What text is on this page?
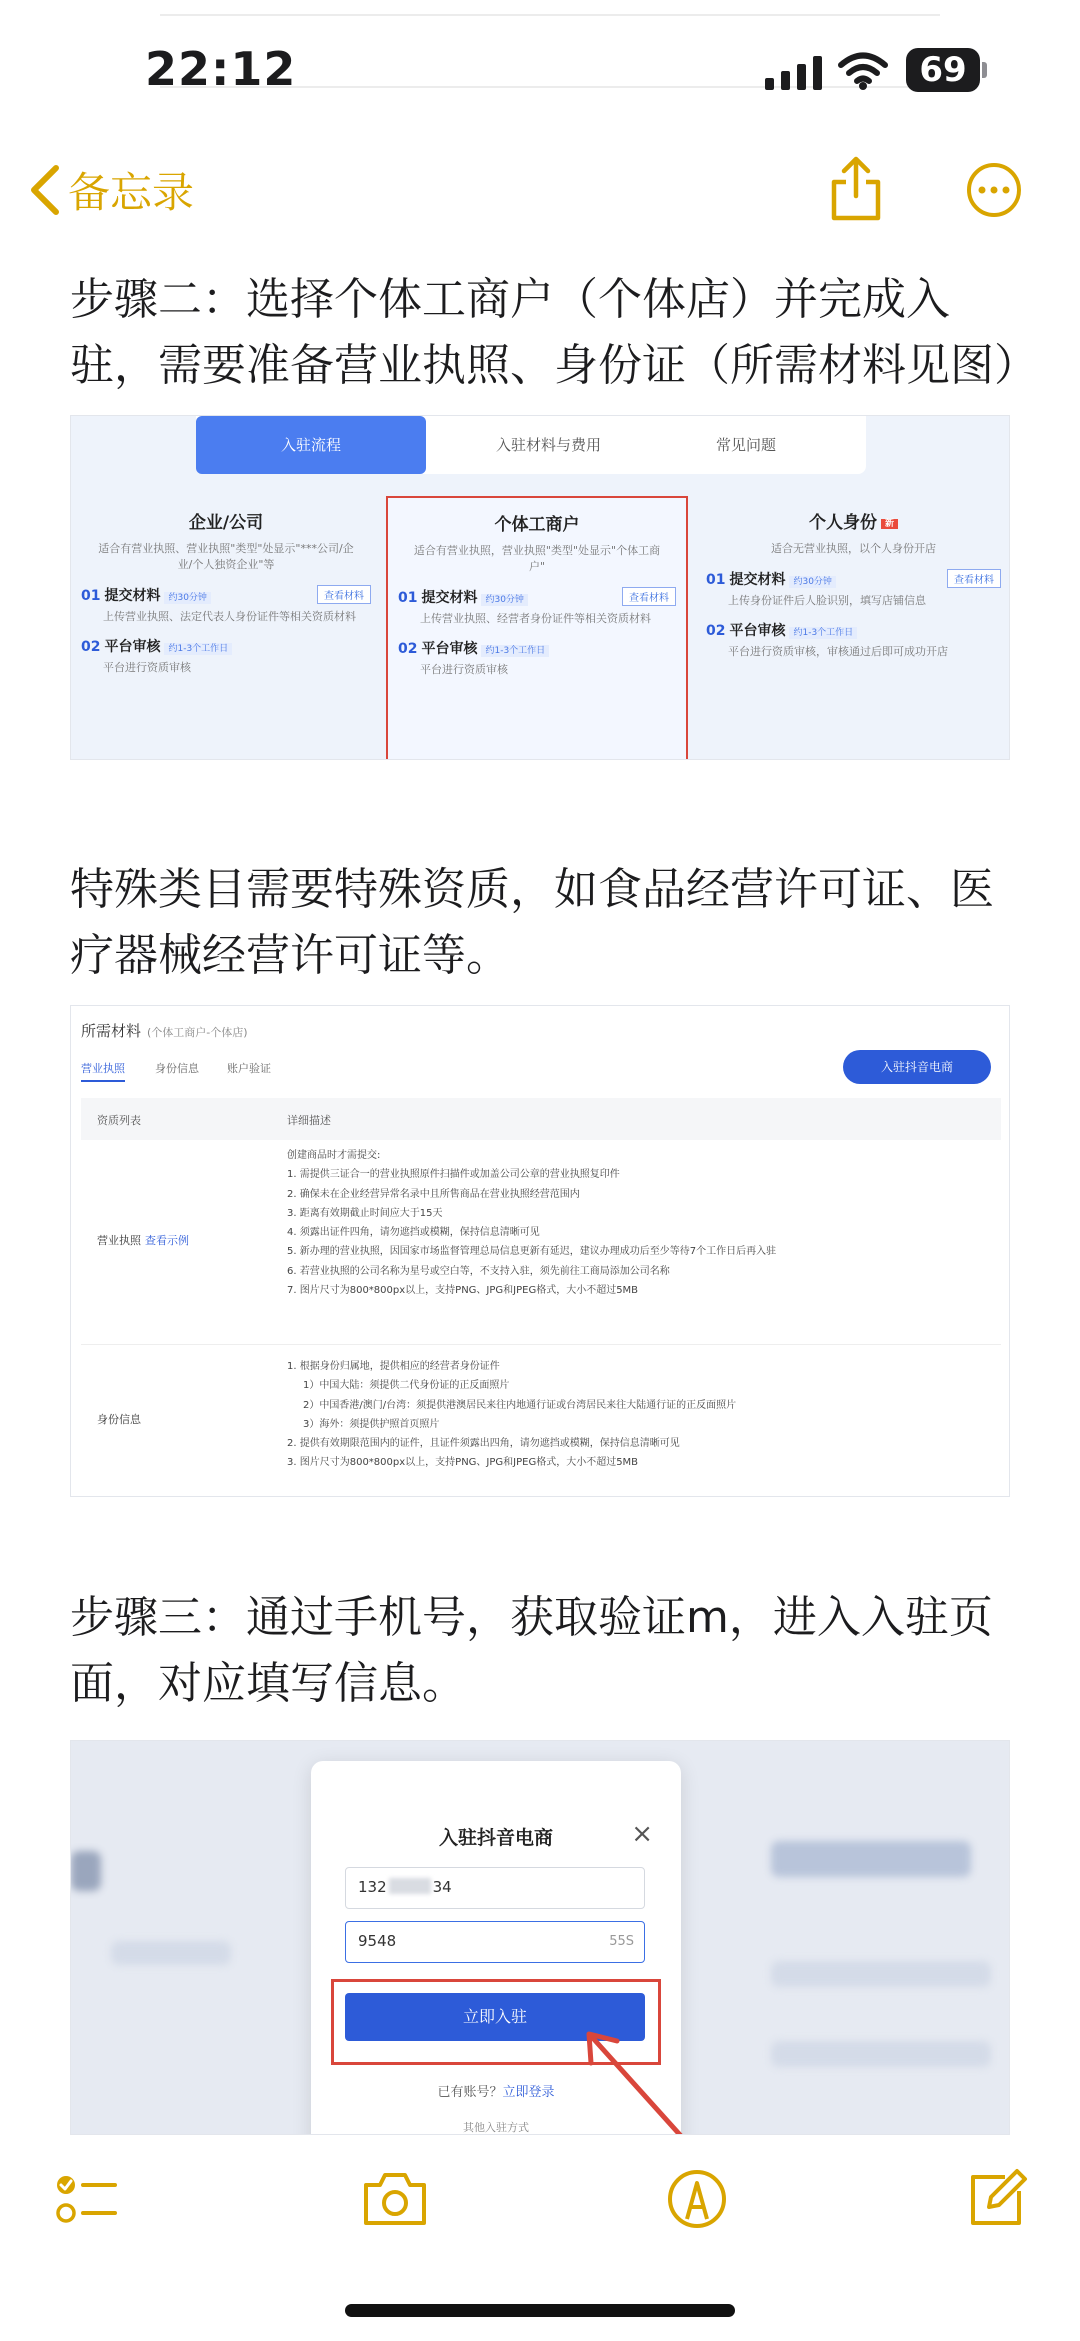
22:12	69
备忘录
步骤二：选择个体工商户（个体店）并完成入驻，需要准备营业执照、身份证（所需材料见图）
入驻流程	入驻材料与费用	常见问题
企业/公司
适合有营业执照、营业执照"类型"处显示"***公司/企业/个人独资企业"等
01 提交材料 约30分钟	查看材料
上传营业执照、法定代表人身份证件等相关资质材料
02 平台审核 约1-3个工作日
平台进行资质审核
个体工商户
适合有营业执照，营业执照"类型"处显示"个体工商户"
01 提交材料 约30分钟	查看材料
上传营业执照、经营者身份证件等相关资质材料
02 平台审核 约1-3个工作日
平台进行资质审核
个人身份 新
适合无营业执照，以个人身份开店
01 提交材料 约30分钟	查看材料
上传身份证件后人脸识别，填写店铺信息
02 平台审核 约1-3个工作日
平台进行资质审核，审核通过后即可成功开店
特殊类目需要特殊资质，如食品经营许可证、医疗器械经营许可证等。
所需材料 (个体工商户-个体店)
营业执照	身份信息	账户验证	入驻抖音电商
资质列表	详细描述
营业执照 查看示例
创建商品时才需提交:
1. 需提供三证合一的营业执照原件扫描件或加盖公司公章的营业执照复印件
2. 确保未在企业经营异常名录中且所售商品在营业执照经营范围内
3. 距离有效期截止时间应大于15天
4. 须露出证件四角，请勿遮挡或模糊，保持信息清晰可见
5. 新办理的营业执照，因国家市场监督管理总局信息更新有延迟，建议办理成功后至少等待7个工作日后再入驻
6. 若营业执照的公司名称为星号或空白等，不支持入驻，须先前往工商局添加公司名称
7. 图片尺寸为800*800px以上，支持PNG、JPG和JPEG格式，大小不超过5MB
身份信息
1. 根据身份归属地，提供相应的经营者身份证件
1）中国大陆：须提供二代身份证的正反面照片
2）中国香港/澳门/台湾：须提供港澳居民来往内地通行证或台湾居民来往大陆通行证的正反面照片
3）海外：须提供护照首页照片
2. 提供有效期限范围内的证件，且证件须露出四角，请勿遮挡或模糊，保持信息清晰可见
3. 图片尺寸为800*800px以上，支持PNG、JPG和JPEG格式，大小不超过5MB
步骤三：通过手机号，获取验证m，进入入驻页面，对应填写信息。
入驻抖音电商	×
132	34
9548	55S
立即入驻
已有账号？立即登录
其他入驻方式
